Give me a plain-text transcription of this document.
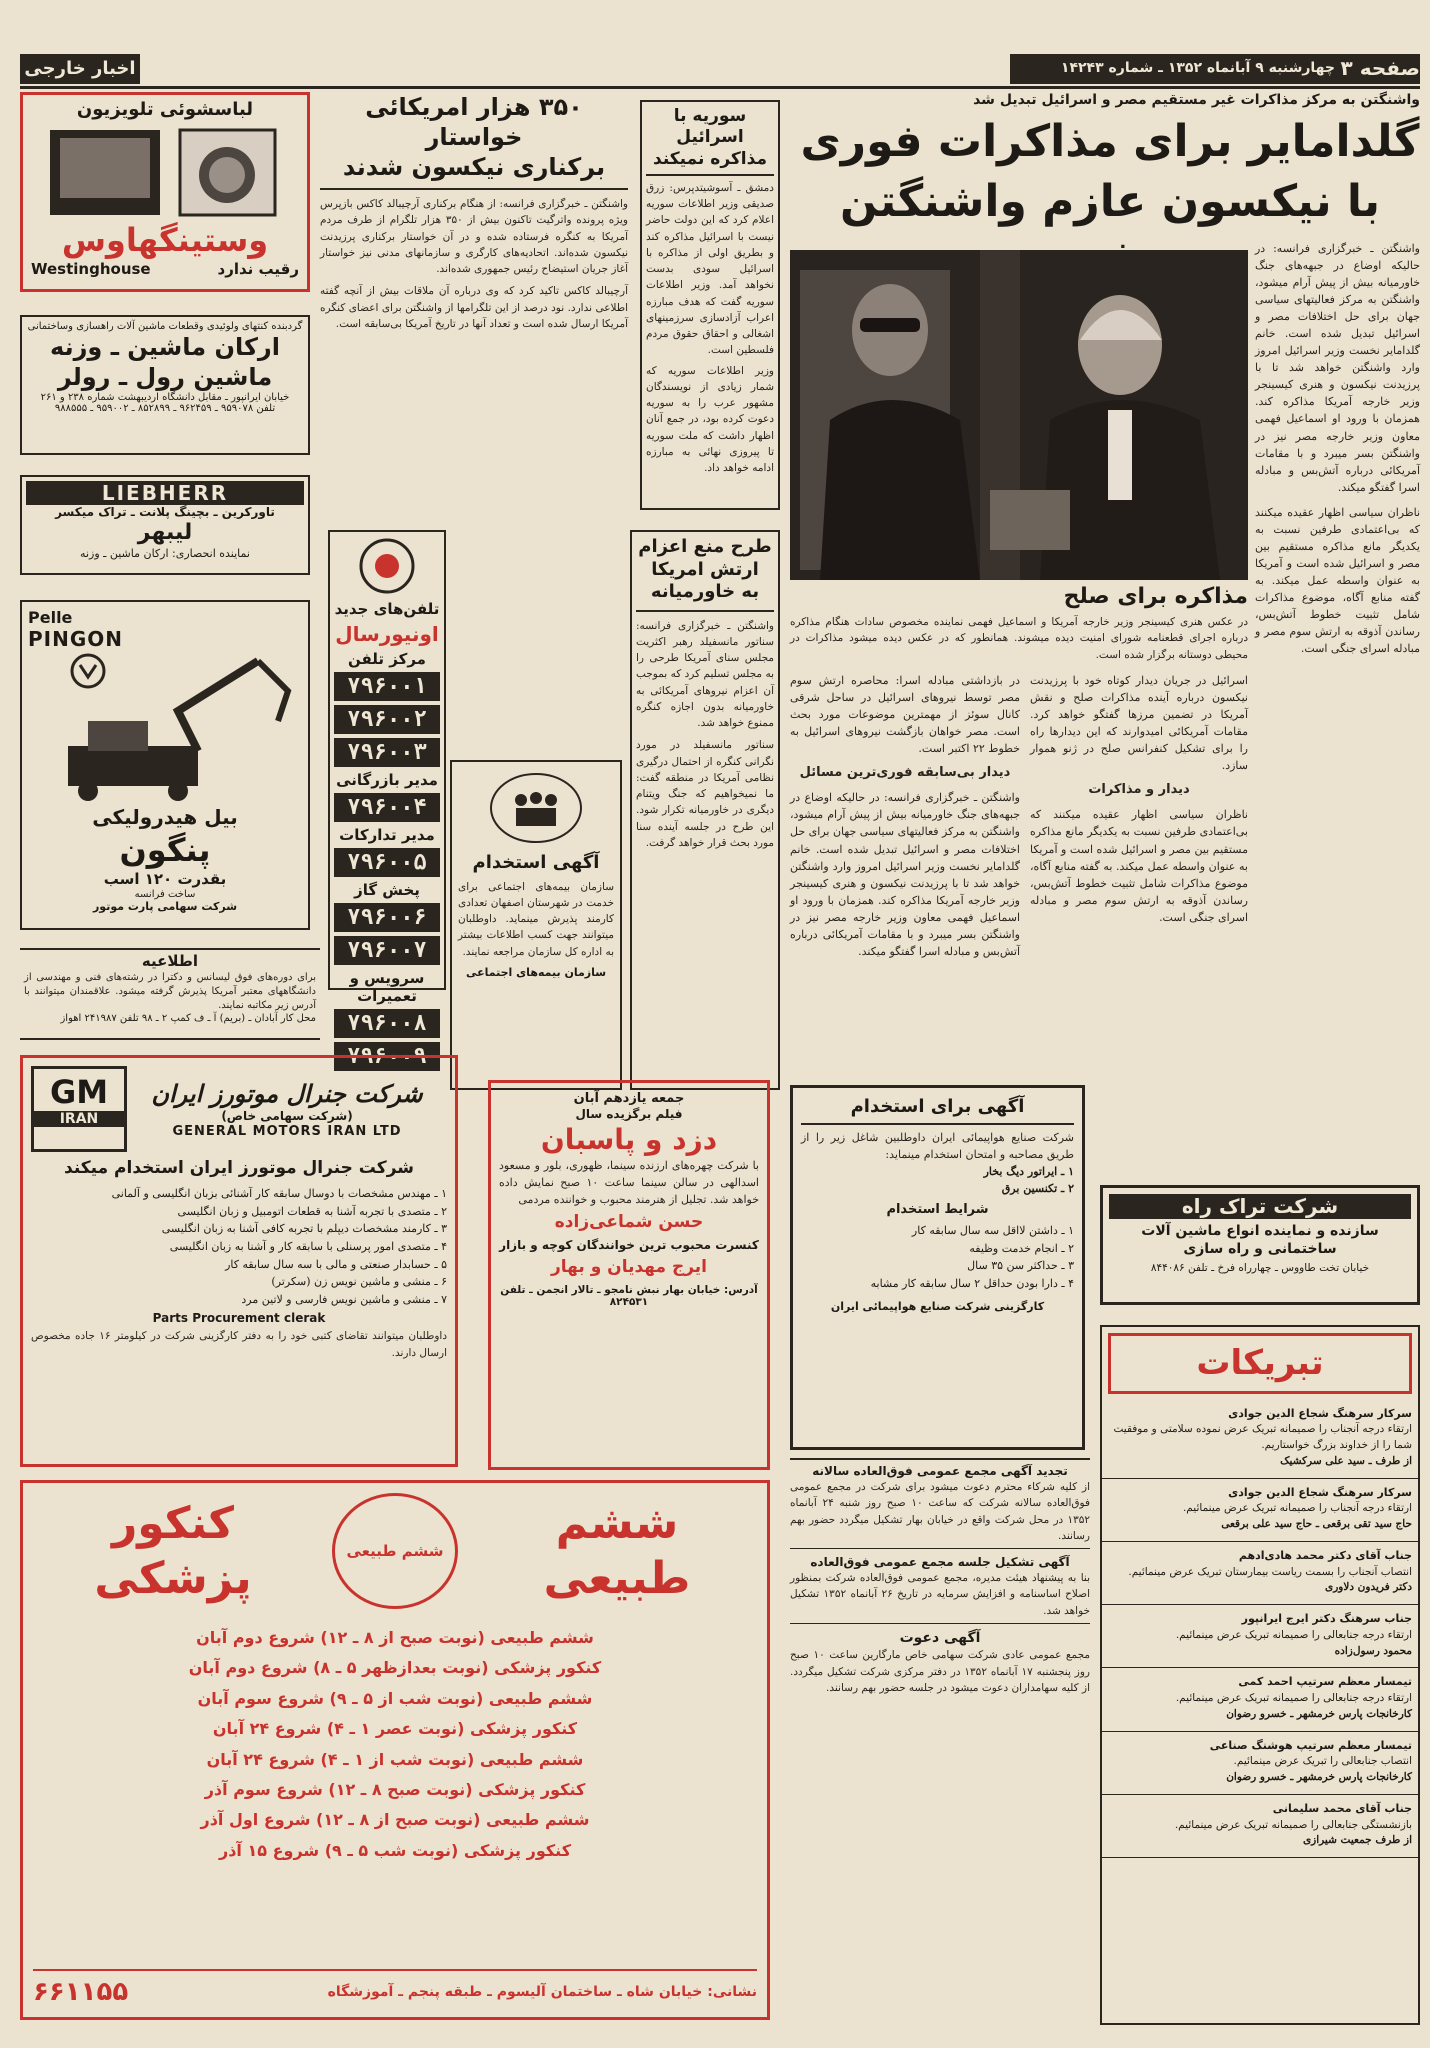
صفحه ۳
چهارشنبه ۹ آبانماه ۱۳۵۲ ـ شماره ۱۴۲۴۳
اخبار خارجی
واشنگتن به مرکز مذاکرات غیر مستقیم مصر و اسرائیل تبدیل شد
گلدامایر برای مذاکرات فوری
با نیکسون عازم واشنگتن

واشنگتن ـ خبرگزاری فرانسه: در حالیکه اوضاع در جبهه‌های جنگ خاورمیانه بیش از پیش آرام میشود، واشنگتن به مرکز فعالیتهای سیاسی جهان برای حل اختلافات مصر و اسرائیل تبدیل شده است. خانم گلدامایر نخست وزیر اسرائیل امروز وارد واشنگتن خواهد شد تا با پرزیدنت نیکسون و هنری کیسینجر وزیر خارجه آمریکا مذاکره کند. همزمان با ورود او اسماعیل فهمی معاون وزیر خارجه مصر نیز در واشنگتن بسر میبرد و با مقامات آمریکائی درباره آتش‌بس و مبادله اسرا گفتگو میکند.

ناظران سیاسی اظهار عقیده میکنند که بی‌اعتمادی طرفین نسبت به یکدیگر مانع مذاکره مستقیم بین مصر و اسرائیل شده است و آمریکا به عنوان واسطه عمل میکند. به گفته منابع آگاه، موضوع مذاکرات شامل تثبیت خطوط آتش‌بس، رساندن آذوقه به ارتش سوم مصر و مبادله اسرای جنگی است.

مذاکره برای صلح
در عکس هنری کیسینجر وزیر خارجه آمریکا و اسماعیل فهمی نماینده مخصوص سادات هنگام مذاکره درباره اجرای قطعنامه شورای امنیت دیده میشوند. همانطور که در عکس دیده میشود مذاکرات در محیطی دوستانه برگزار شده است.

اسرائیل در جریان دیدار کوتاه خود با پرزیدنت نیکسون درباره آینده مذاکرات صلح و نقش آمریکا در تضمین مرزها گفتگو خواهد کرد. مقامات آمریکائی امیدوارند که این دیدارها راه را برای تشکیل کنفرانس صلح در ژنو هموار سازد.

دیدار و مذاکرات

ناظران سیاسی اظهار عقیده میکنند که بی‌اعتمادی طرفین نسبت به یکدیگر مانع مذاکره مستقیم بین مصر و اسرائیل شده است و آمریکا به عنوان واسطه عمل میکند. به گفته منابع آگاه، موضوع مذاکرات شامل تثبیت خطوط آتش‌بس، رساندن آذوقه به ارتش سوم مصر و مبادله اسرای جنگی است.

در بازداشتی مبادله اسرا: محاصره ارتش سوم مصر توسط نیروهای اسرائیل در ساحل شرقی کانال سوئز از مهمترین موضوعات مورد بحث است. مصر خواهان بازگشت نیروهای اسرائیل به خطوط ۲۲ اکتبر است.

دیدار بی‌سابقه فوری‌ترین مسائل

واشنگتن ـ خبرگزاری فرانسه: در حالیکه اوضاع در جبهه‌های جنگ خاورمیانه بیش از پیش آرام میشود، واشنگتن به مرکز فعالیتهای سیاسی جهان برای حل اختلافات مصر و اسرائیل تبدیل شده است. خانم گلدامایر نخست وزیر اسرائیل امروز وارد واشنگتن خواهد شد تا با پرزیدنت نیکسون و هنری کیسینجر وزیر خارجه آمریکا مذاکره کند. همزمان با ورود او اسماعیل فهمی معاون وزیر خارجه مصر نیز در واشنگتن بسر میبرد و با مقامات آمریکائی درباره آتش‌بس و مبادله اسرا گفتگو میکند.

سوریه با اسرائیل مذاکره نمیکند
دمشق ـ آسوشیتدپرس: زرق صدیقی وزیر اطلاعات سوریه اعلام کرد که این دولت حاضر نیست با اسرائیل مذاکره کند و بطریق اولی از مذاکره با اسرائیل سودی بدست نخواهد آمد. وزیر اطلاعات سوریه گفت که هدف مبارزه اعراب آزادسازی سرزمینهای اشغالی و احقاق حقوق مردم فلسطین است.
وزیر اطلاعات سوریه که شمار زیادی از نویسندگان مشهور عرب را به سوریه دعوت کرده بود، در جمع آنان اظهار داشت که ملت سوریه تا پیروزی نهائی به مبارزه ادامه خواهد داد.
طرح منع اعزام
ارتش امریکا
به خاورمیانه
واشنگتن ـ خبرگزاری فرانسه: سناتور مانسفیلد رهبر اکثریت مجلس سنای آمریکا طرحی را به مجلس تسلیم کرد که بموجب آن اعزام نیروهای آمریکائی به خاورمیانه بدون اجازه کنگره ممنوع خواهد شد.
سناتور مانسفیلد در مورد نگرانی کنگره از احتمال درگیری نظامی آمریکا در منطقه گفت: ما نمیخواهیم که جنگ ویتنام دیگری در خاورمیانه تکرار شود. این طرح در جلسه آینده سنا مورد بحث قرار خواهد گرفت.
۳۵۰ هزار امریکائی خواستار
برکناری نیکسون شدند
واشنگتن ـ خبرگزاری فرانسه: از هنگام برکناری آرچیبالد کاکس بازپرس ویژه پرونده واترگیت تاکنون بیش از ۳۵۰ هزار تلگرام از طرف مردم آمریکا به کنگره فرستاده شده و در آن خواستار برکناری پرزیدنت نیکسون شده‌اند. اتحادیه‌های کارگری و سازمانهای مدنی نیز خواستار آغاز جریان استیضاح رئیس جمهوری شده‌اند.
آرچیبالد کاکس تاکید کرد که وی درباره آن ملاقات بیش از آنچه گفته اطلاعی ندارد. نود درصد از این تلگرامها از واشنگتن برای اعضای کنگره آمریکا ارسال شده است و تعداد آنها در تاریخ آمریکا بی‌سابقه است.
تلفن‌های جدید
اونیورسال
مرکز تلفن
۷۹۶۰۰۱
۷۹۶۰۰۲
۷۹۶۰۰۳
مدیر بازرگانی
۷۹۶۰۰۴
مدیر تدارکات
۷۹۶۰۰۵
پخش گاز
۷۹۶۰۰۶
۷۹۶۰۰۷
سرویس و تعمیرات
۷۹۶۰۰۸
۷۹۶۰۰۹
آگهی استخدام
سازمان بیمه‌های اجتماعی برای خدمت در شهرستان اصفهان تعدادی کارمند پذیرش مینماید. داوطلبان میتوانند جهت کسب اطلاعات بیشتر به اداره کل سازمان مراجعه نمایند.
سازمان بیمه‌های اجتماعی
لباسشوئی تلویزیون
وستینگهاوس
Westinghouse	رقیب ندارد
گردبنده کنتهای ولوئیدی وقطعات ماشین آلات راهسازی وساختمانی
ارکان ماشین ـ وزنه
ماشین رول ـ رولر
خیابان ایرانپور ـ مقابل دانشگاه اردیبهشت شماره ۲۳۸ و ۲۶۱
تلفن ۹۵۹۰۷۸ ـ ۹۶۲۴۵۹ ـ ۸۵۲۸۹۹ ـ ۹۵۹۰۰۲ ـ ۹۸۸۵۵۵
LIEBHERR
تاورکرین ـ بچینگ پلانت ـ تراک میکسر
لیبهر
نماینده انحصاری: ارکان ماشین ـ وزنه
Pelle
PINGON
بیل هیدرولیکی
پنگون
بقدرت ۱۲۰ اسب
ساخت فرانسه
شرکت سهامی پارت موتور
اطلاعیه
برای دوره‌های فوق لیسانس و دکترا در رشته‌های فنی و مهندسی از دانشگاههای معتبر آمریکا پذیرش گرفته میشود. علاقمندان میتوانند با آدرس زیر مکاتبه نمایند.
محل کار آبادان ـ (بریم) آ ـ ف کمپ ۲ ـ ۹۸ تلفن ۲۴۱۹۸۷ اهواز
GM
IRAN
شرکت جنرال موتورز ایران
(شرکت سهامی خاص)
GENERAL MOTORS IRAN LTD
شرکت جنرال موتورز ایران استخدام میکند
۱ ـ مهندس مشخصات با دوسال سابقه کار آشنائی بزبان انگلیسی و آلمانی
۲ ـ متصدی با تجربه آشنا به قطعات اتومبیل و زبان انگلیسی
۳ ـ کارمند مشخصات دیپلم با تجربه کافی آشنا به زبان انگلیسی
۴ ـ متصدی امور پرسنلی با سابقه کار و آشنا به زبان انگلیسی
۵ ـ حسابدار صنعتی و مالی با سه سال سابقه کار
۶ ـ منشی و ماشین نویس زن (سکرتر)
۷ ـ منشی و ماشین نویس فارسی و لاتین مرد
Parts Procurement clerak
داوطلبان میتوانند تقاضای کتبی خود را به دفتر کارگزینی شرکت در کیلومتر ۱۶ جاده مخصوص ارسال دارند.
جمعه یازدهم آبان
فیلم برگزیده سال
دزد و پاسبان
با شرکت چهره‌های ارزنده سینما، ظهوری، بلور و مسعود اسدالهی در سالن سینما ساعت ۱۰ صبح نمایش داده خواهد شد. تجلیل از هنرمند محبوب و خواننده مردمی
حسن شماعی‌زاده
کنسرت محبوب ترین خوانندگان کوچه و بازار
ایرج مهدیان و بهار
آدرس: خیابان بهار نبش نامجو ـ تالار انجمن ـ تلفن ۸۲۴۵۳۱
آگهی برای استخدام
شرکت صنایع هواپیمائی ایران داوطلبین شاغل زیر را از طریق مصاحبه و امتحان استخدام مینماید:
۱ ـ ایراتور دیگ بخار
۲ ـ تکنسین برق
شرایط استخدام
۱ ـ داشتن لااقل سه سال سابقه کار
۲ ـ انجام خدمت وظیفه
۳ ـ حداکثر سن ۳۵ سال
۴ ـ دارا بودن حداقل ۲ سال سابقه کار مشابه
کارگزینی شرکت صنایع هواپیمائی ایران
شرکت تراک راه
سازنده و نماینده انواع ماشین آلات ساختمانی و راه سازی
خیابان تخت طاووس ـ چهارراه فرخ ـ تلفن ۸۴۴۰۸۶
تبریکات
سرکار سرهنگ شجاع الدین جوادی
ارتقاء درجه آنجناب را صمیمانه تبریک عرض نموده سلامتی و موفقیت شما را از خداوند بزرگ خواستاریم.
از طرف ـ سید علی سرکشیک
سرکار سرهنگ شجاع الدین جوادی
ارتقاء درجه آنجناب را صمیمانه تبریک عرض مینمائیم.
حاج سید تقی برقعی ـ حاج سید علی برقعی
جناب آقای دکتر محمد هادی‌ادهم
انتصاب آنجناب را بسمت ریاست بیمارستان تبریک عرض مینمائیم.
دکتر فریدون دلاوری
جناب سرهنگ دکتر ایرج ایرانپور
ارتقاء درجه جنابعالی را صمیمانه تبریک عرض مینمائیم.
محمود رسول‌زاده
تیمسار معظم سرتیپ احمد کمی
ارتقاء درجه جنابعالی را صمیمانه تبریک عرض مینمائیم.
کارخانجات پارس خرمشهر ـ خسرو رضوان
تیمسار معظم سرتیپ هوشنگ صناعی
انتصاب جنابعالی را تبریک عرض مینمائیم.
کارخانجات پارس خرمشهر ـ خسرو رضوان
جناب آقای محمد سلیمانی
بازنشستگی جنابعالی را صمیمانه تبریک عرض مینمائیم.
از طرف جمعیت شیرازی
تجدید آگهی مجمع عمومی فوق‌العاده سالانه
از کلیه شرکاء محترم دعوت میشود برای شرکت در مجمع عمومی فوق‌العاده سالانه شرکت که ساعت ۱۰ صبح روز شنبه ۲۴ آبانماه ۱۳۵۲ در محل شرکت واقع در خیابان بهار تشکیل میگردد حضور بهم رسانند.
آگهی تشکیل جلسه مجمع عمومی فوق‌العاده
بنا به پیشنهاد هیئت مدیره، مجمع عمومی فوق‌العاده شرکت بمنظور اصلاح اساسنامه و افزایش سرمایه در تاریخ ۲۶ آبانماه ۱۳۵۲ تشکیل خواهد شد.
آگهی دعوت
مجمع عمومی عادی شرکت سهامی خاص مارگارین ساعت ۱۰ صبح روز پنجشنبه ۱۷ آبانماه ۱۳۵۲ در دفتر مرکزی شرکت تشکیل میگردد. از کلیه سهامداران دعوت میشود در جلسه حضور بهم رسانند.
کنکور پزشکی
ششم طبیعی
ششم طبیعی
ششم طبیعی (نوبت صبح از ۸ ـ ۱۲) شروع دوم آبان
کنکور پزشکی (نوبت بعدازظهر ۵ ـ ۸) شروع دوم آبان
ششم طبیعی (نوبت شب از ۵ ـ ۹) شروع سوم آبان
کنکور پزشکی (نوبت عصر ۱ ـ ۴) شروع ۲۴ آبان
ششم طبیعی (نوبت شب از ۱ ـ ۴) شروع ۲۴ آبان
کنکور پزشکی (نوبت صبح ۸ ـ ۱۲) شروع سوم آذر
ششم طبیعی (نوبت صبح از ۸ ـ ۱۲) شروع اول آذر
کنکور پزشکی (نوبت شب ۵ ـ ۹) شروع ۱۵ آذر
۶۶۱۱۵۵	نشانی: خیابان شاه ـ ساختمان آلیسوم ـ طبقه پنجم ـ آموزشگاه
